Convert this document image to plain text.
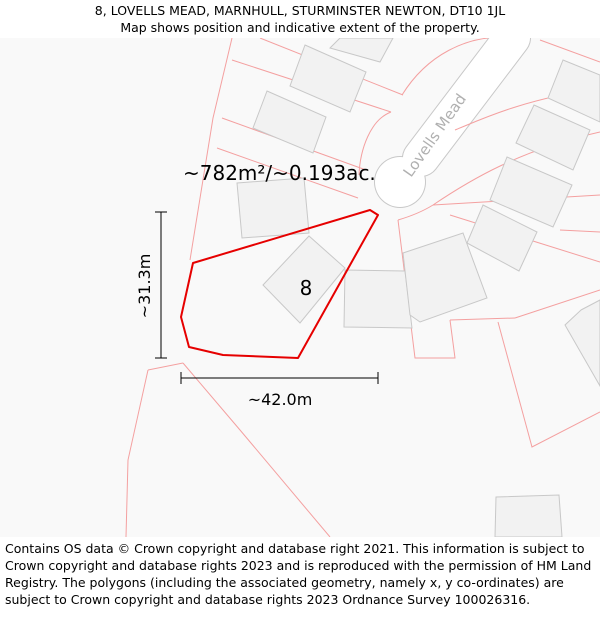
8, LOVELLS MEAD, MARNHULL, STURMINSTER NEWTON, DT10 1JL
Map shows position and indicative extent of the property.
Lovells Mead
~782m²/~0.193ac.
8
~31.3m
~42.0m
Contains OS data © Crown copyright and database right 2021. This information is subject to Crown copyright and database rights 2023 and is reproduced with the permission of HM Land Registry. The polygons (including the associated geometry, namely x, y co-ordinates) are subject to Crown copyright and database rights 2023 Ordnance Survey 100026316.
